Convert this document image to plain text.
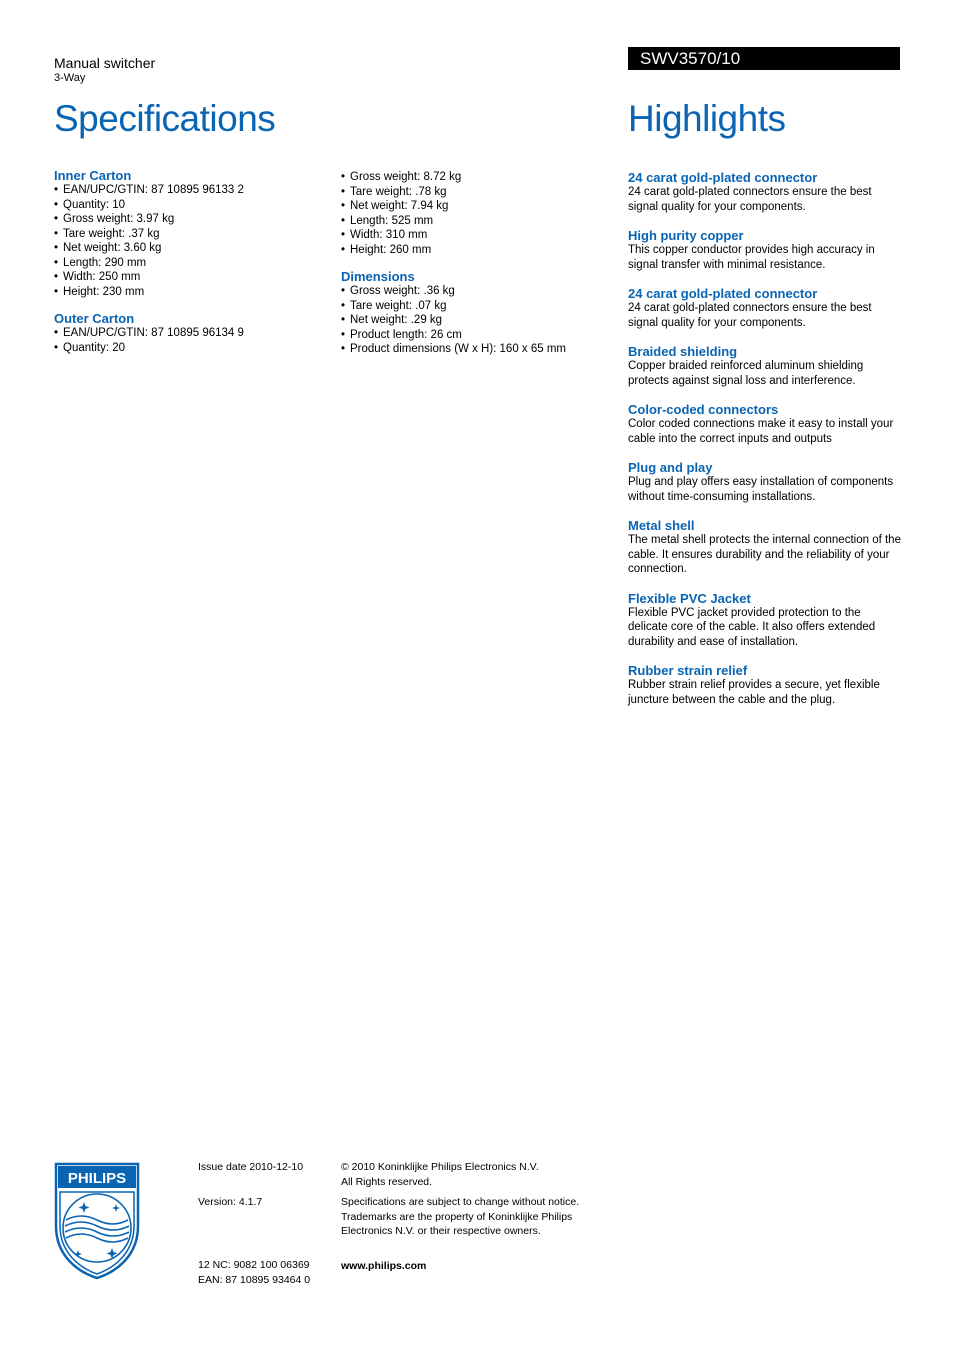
Manual switcher
3-Way
SWV3570/10
Specifications	Highlights
Inner Carton
• EAN/UPC/GTIN: 87 10895 96133 2
• Quantity: 10
• Gross weight: 3.97 kg
• Tare weight: .37 kg
• Net weight: 3.60 kg
• Length: 290 mm
• Width: 250 mm
• Height: 230 mm
Outer Carton
• EAN/UPC/GTIN: 87 10895 96134 9
• Quantity: 20
• Gross weight: 8.72 kg
• Tare weight: .78 kg
• Net weight: 7.94 kg
• Length: 525 mm
• Width: 310 mm
• Height: 260 mm
Dimensions
• Gross weight: .36 kg
• Tare weight: .07 kg
• Net weight: .29 kg
• Product length: 26 cm
• Product dimensions (W x H): 160 x 65 mm
24 carat gold-plated connector
24 carat gold-plated connectors ensure the best signal quality for your components.
High purity copper
This copper conductor provides high accuracy in signal transfer with minimal resistance.
24 carat gold-plated connector
24 carat gold-plated connectors ensure the best signal quality for your components.
Braided shielding
Copper braided reinforced aluminum shielding protects against signal loss and interference.
Color-coded connectors
Color coded connections make it easy to install your cable into the correct inputs and outputs
Plug and play
Plug and play offers easy installation of components without time-consuming installations.
Metal shell
The metal shell protects the internal connection of the cable. It ensures durability and the reliability of your connection.
Flexible PVC Jacket
Flexible PVC jacket provided protection to the delicate core of the cable. It also offers extended durability and ease of installation.
Rubber strain relief
Rubber strain relief provides a secure, yet flexible juncture between the cable and the plug.
PHILIPS
Issue date 2010-12-10
Version: 4.1.7
12 NC: 9082 100 06369
EAN: 87 10895 93464 0
© 2010 Koninklijke Philips Electronics N.V.
All Rights reserved.
Specifications are subject to change without notice.
Trademarks are the property of Koninklijke Philips
Electronics N.V. or their respective owners.
www.philips.com
